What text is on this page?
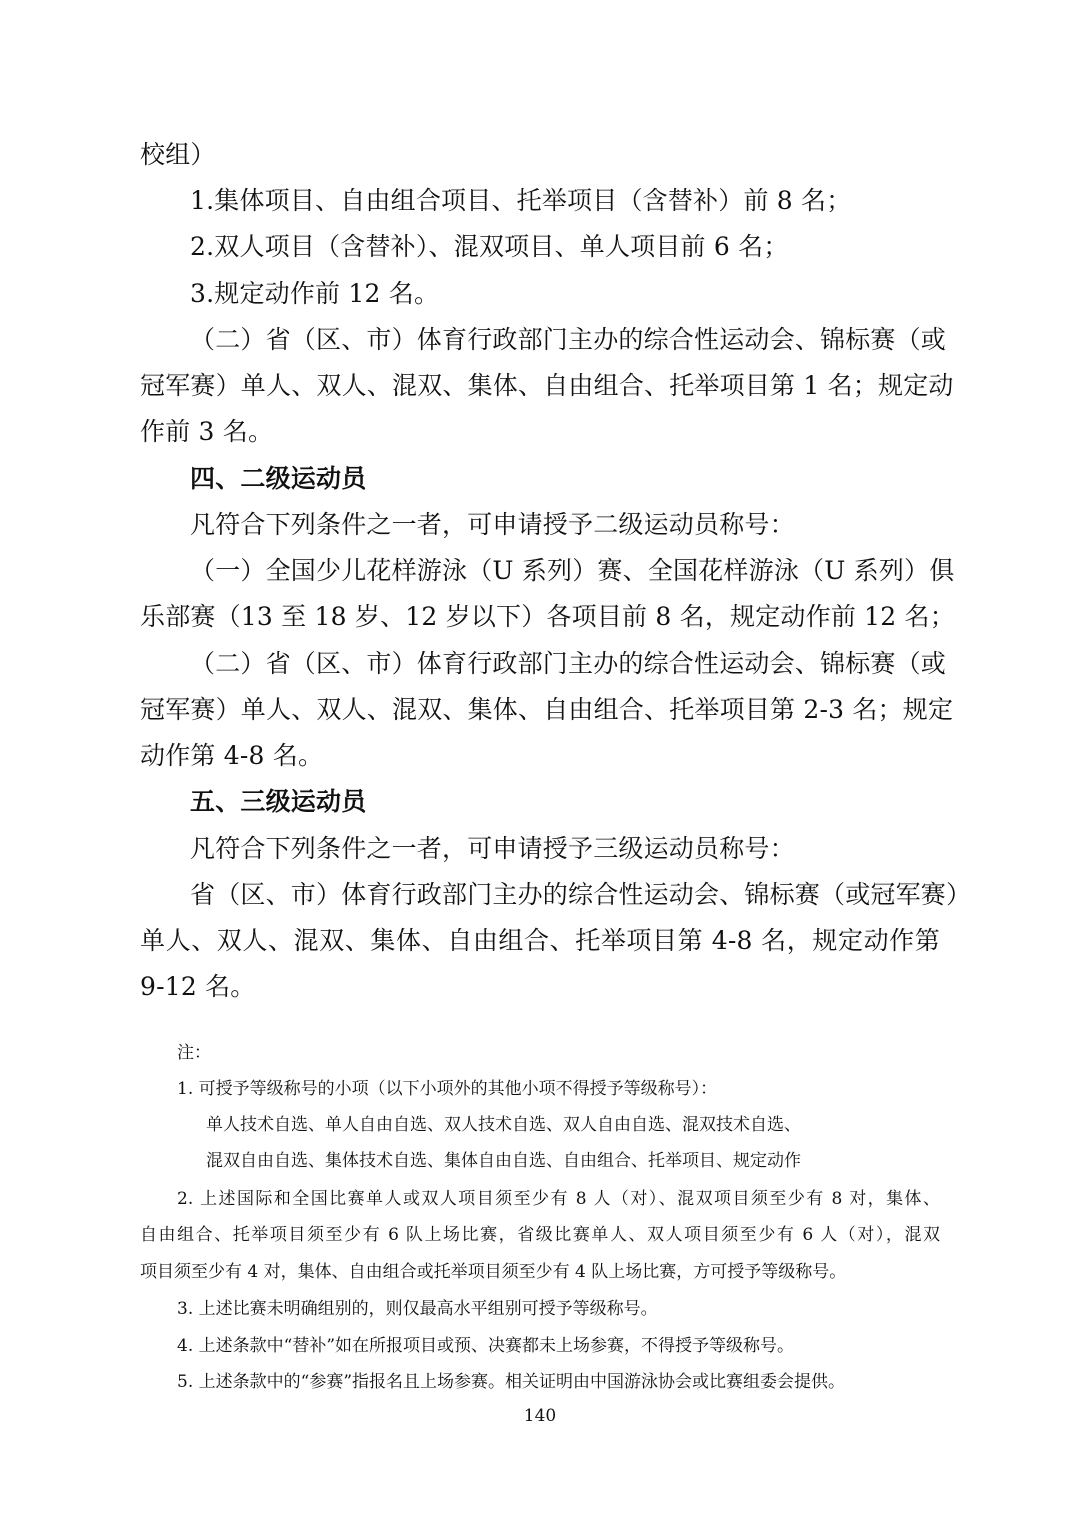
校组）

1.集体项目、自由组合项目、托举项目（含替补）前 8 名；

2.双人项目（含替补）、混双项目、单人项目前 6 名；

3.规定动作前 12 名。

（二）省（区、市）体育行政部门主办的综合性运动会、锦标赛（或

冠军赛）单人、双人、混双、集体、自由组合、托举项目第 1 名；规定动

作前 3 名。

四、二级运动员

凡符合下列条件之一者，可申请授予二级运动员称号：

（一）全国少儿花样游泳（U 系列）赛、全国花样游泳（U 系列）俱

乐部赛（13 至 18 岁、12 岁以下）各项目前 8 名，规定动作前 12 名；

（二）省（区、市）体育行政部门主办的综合性运动会、锦标赛（或

冠军赛）单人、双人、混双、集体、自由组合、托举项目第 2-3 名；规定

动作第 4-8 名。

五、三级运动员

凡符合下列条件之一者，可申请授予三级运动员称号：

省（区、市）体育行政部门主办的综合性运动会、锦标赛（或冠军赛）

单人、双人、混双、集体、自由组合、托举项目第 4-8 名，规定动作第

9-12 名。

注：

1. 可授予等级称号的小项（以下小项外的其他小项不得授予等级称号）：

单人技术自选、单人自由自选、双人技术自选、双人自由自选、混双技术自选、

混双自由自选、集体技术自选、集体自由自选、自由组合、托举项目、规定动作

2. 上述国际和全国比赛单人或双人项目须至少有 8 人（对）、混双项目须至少有 8 对，集体、

自由组合、托举项目须至少有 6 队上场比赛，省级比赛单人、双人项目须至少有 6 人（对），混双

项目须至少有 4 对，集体、自由组合或托举项目须至少有 4 队上场比赛，方可授予等级称号。

3. 上述比赛未明确组别的，则仅最高水平组别可授予等级称号。

4. 上述条款中“替补”如在所报项目或预、决赛都未上场参赛，不得授予等级称号。

5. 上述条款中的“参赛”指报名且上场参赛。相关证明由中国游泳协会或比赛组委会提供。

140
